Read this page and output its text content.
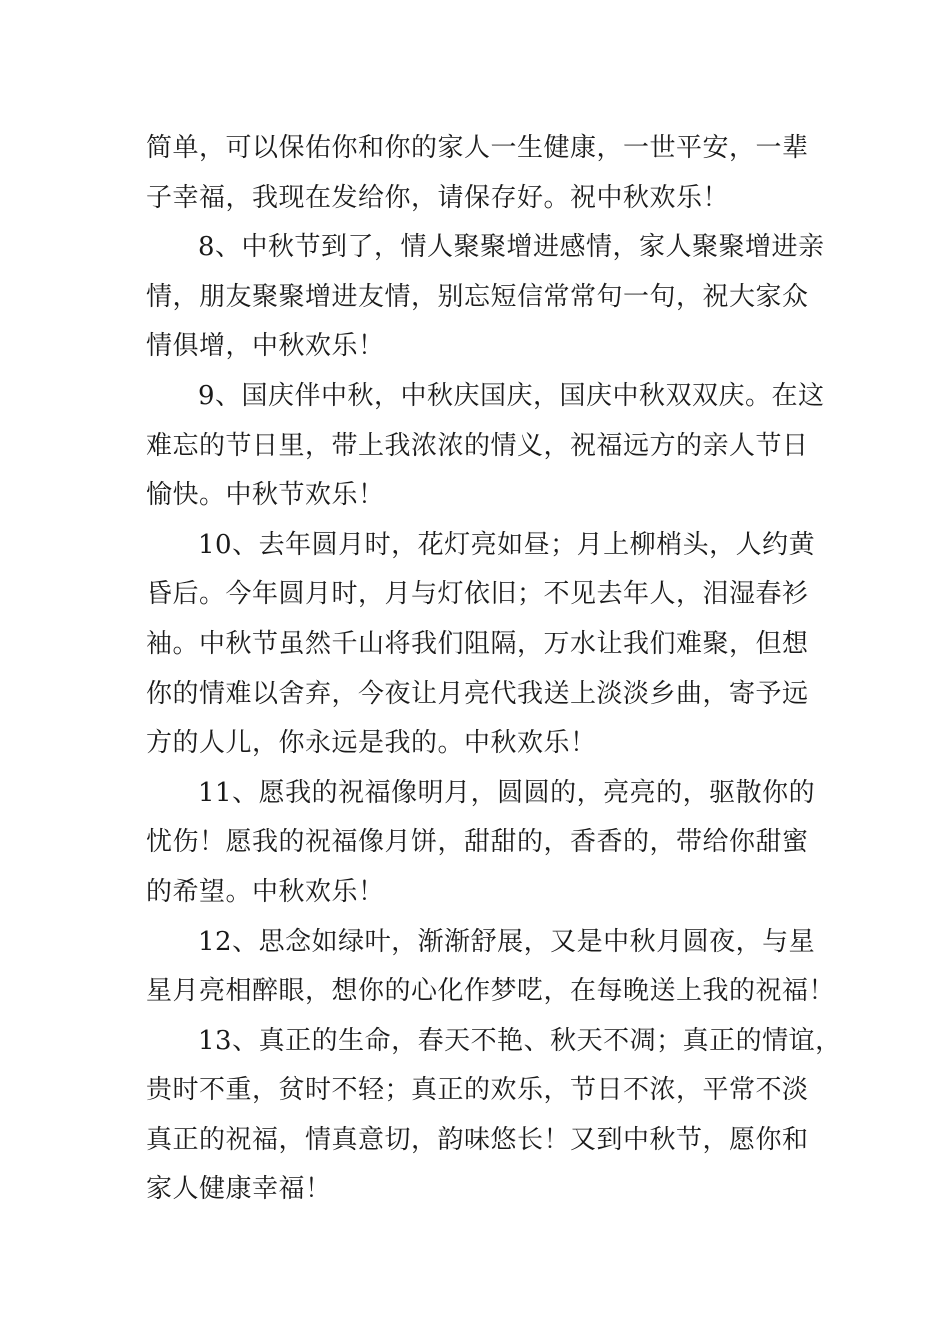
简单，可以保佑你和你的家人一生健康，一世平安，一辈
子幸福，我现在发给你，请保存好。祝中秋欢乐！
8、中秋节到了，情人聚聚增进感情，家人聚聚增进亲
情，朋友聚聚增进友情，别忘短信常常句一句，祝大家众
情俱增，中秋欢乐！
9、国庆伴中秋，中秋庆国庆，国庆中秋双双庆。在这
难忘的节日里，带上我浓浓的情义，祝福远方的亲人节日
愉快。中秋节欢乐！
10、去年圆月时，花灯亮如昼；月上柳梢头，人约黄
昏后。今年圆月时，月与灯依旧；不见去年人，泪湿春衫
袖。中秋节虽然千山将我们阻隔，万水让我们难聚，但想
你的情难以舍弃，今夜让月亮代我送上淡淡乡曲，寄予远
方的人儿，你永远是我的。中秋欢乐！
11、愿我的祝福像明月，圆圆的，亮亮的，驱散你的
忧伤！愿我的祝福像月饼，甜甜的，香香的，带给你甜蜜
的希望。中秋欢乐！
12、思念如绿叶，渐渐舒展，又是中秋月圆夜，与星
星月亮相醉眼，想你的心化作梦呓，在每晚送上我的祝福！
13、真正的生命，春天不艳、秋天不凋；真正的情谊，
贵时不重，贫时不轻；真正的欢乐，节日不浓，平常不淡
真正的祝福，情真意切，韵味悠长！又到中秋节，愿你和
家人健康幸福！
